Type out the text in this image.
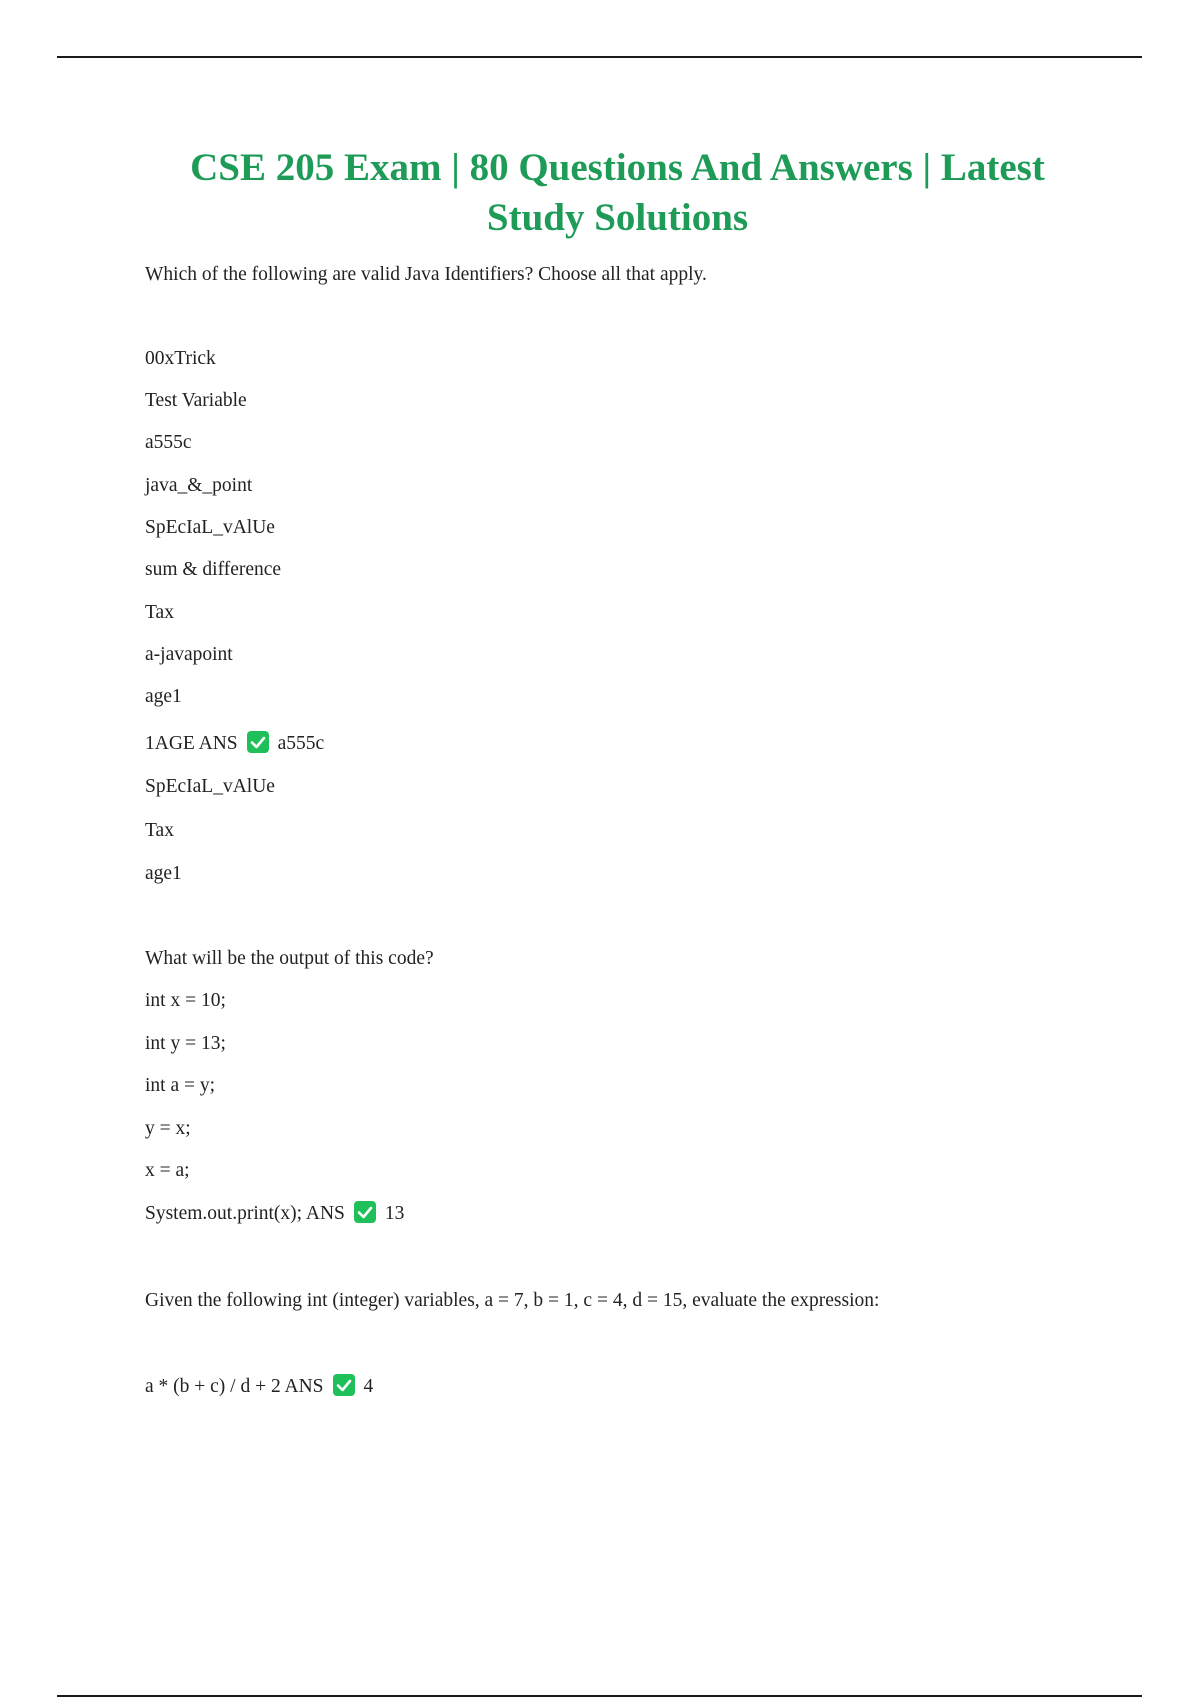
CSE 205 Exam | 80 Questions And Answers | Latest
Study Solutions
Which of the following are valid Java Identifiers? Choose all that apply.
00xTrick
Test Variable
a555c
java_&_point
SpEcIaL_vAlUe
sum & difference
Tax
a-javapoint
age1
1AGE ANS a555c
SpEcIaL_vAlUe
Tax
age1
What will be the output of this code?
int x = 10;
int y = 13;
int a = y;
y = x;
x = a;
System.out.print(x); ANS 13
Given the following int (integer) variables, a = 7, b = 1, c = 4, d = 15, evaluate the expression:
a * (b + c) / d + 2 ANS 4
